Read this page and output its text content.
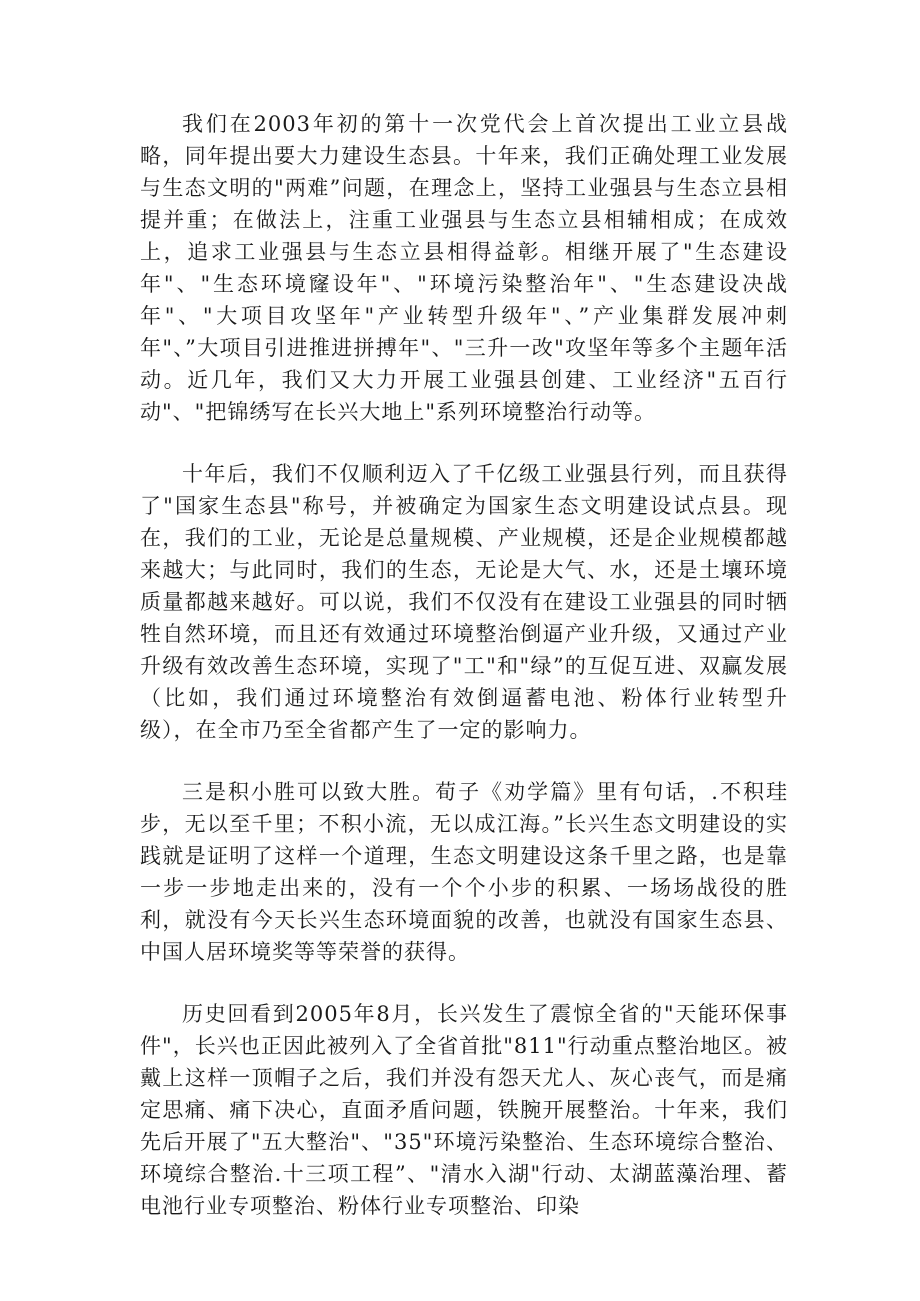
我们在2003年初的第十一次党代会上首次提出工业立县战略，同年提出要大力建设生态县。十年来，我们正确处理工业发展与生态文明的"两难”问题，在理念上，坚持工业强县与生态立县相提并重；在做法上，注重工业强县与生态立县相辅相成；在成效上，追求工业强县与生态立县相得益彰。相继开展了"生态建设年"、"生态环境窿设年"、"环境污染整治年"、"生态建设决战年"、"大项目攻坚年"产业转型升级年"、”产业集群发展冲刺年"、”大项目引进推进拼搏年"、"三升一改"攻坚年等多个主题年活动。近几年，我们又大力开展工业强县创建、工业经济"五百行动"、"把锦绣写在长兴大地上"系列环境整治行动等。

十年后，我们不仅顺利迈入了千亿级工业强县行列，而且获得了"国家生态县"称号，并被确定为国家生态文明建设试点县。现在，我们的工业，无论是总量规模、产业规模，还是企业规模都越来越大；与此同时，我们的生态，无论是大气、水，还是土壤环境质量都越来越好。可以说，我们不仅没有在建设工业强县的同时牺牲自然环境，而且还有效通过环境整治倒逼产业升级，又通过产业升级有效改善生态环境，实现了"工"和"绿”的互促互进、双赢发展（比如，我们通过环境整治有效倒逼蓄电池、粉体行业转型升级），在全市乃至全省都产生了一定的影响力。

三是积小胜可以致大胜。荀子《劝学篇》里有句话，.不积珪步，无以至千里；不积小流，无以成江海。”长兴生态文明建设的实践就是证明了这样一个道理，生态文明建设这条千里之路，也是靠一步一步地走出来的，没有一个个小步的积累、一场场战役的胜利，就没有今天长兴生态环境面貌的改善，也就没有国家生态县、中国人居环境奖等等荣誉的获得。

历史回看到2005年8月，长兴发生了震惊全省的"天能环保事件"，长兴也正因此被列入了全省首批"811"行动重点整治地区。被戴上这样一顶帽子之后，我们并没有怨天尤人、灰心丧气，而是痛定思痛、痛下决心，直面矛盾问题，铁腕开展整治。十年来，我们先后开展了"五大整治"、"35"环境污染整治、生态环境综合整治、环境综合整治.十三项工程”、"清水入湖"行动、太湖蓝藻治理、蓄电池行业专项整治、粉体行业专项整治、印染
